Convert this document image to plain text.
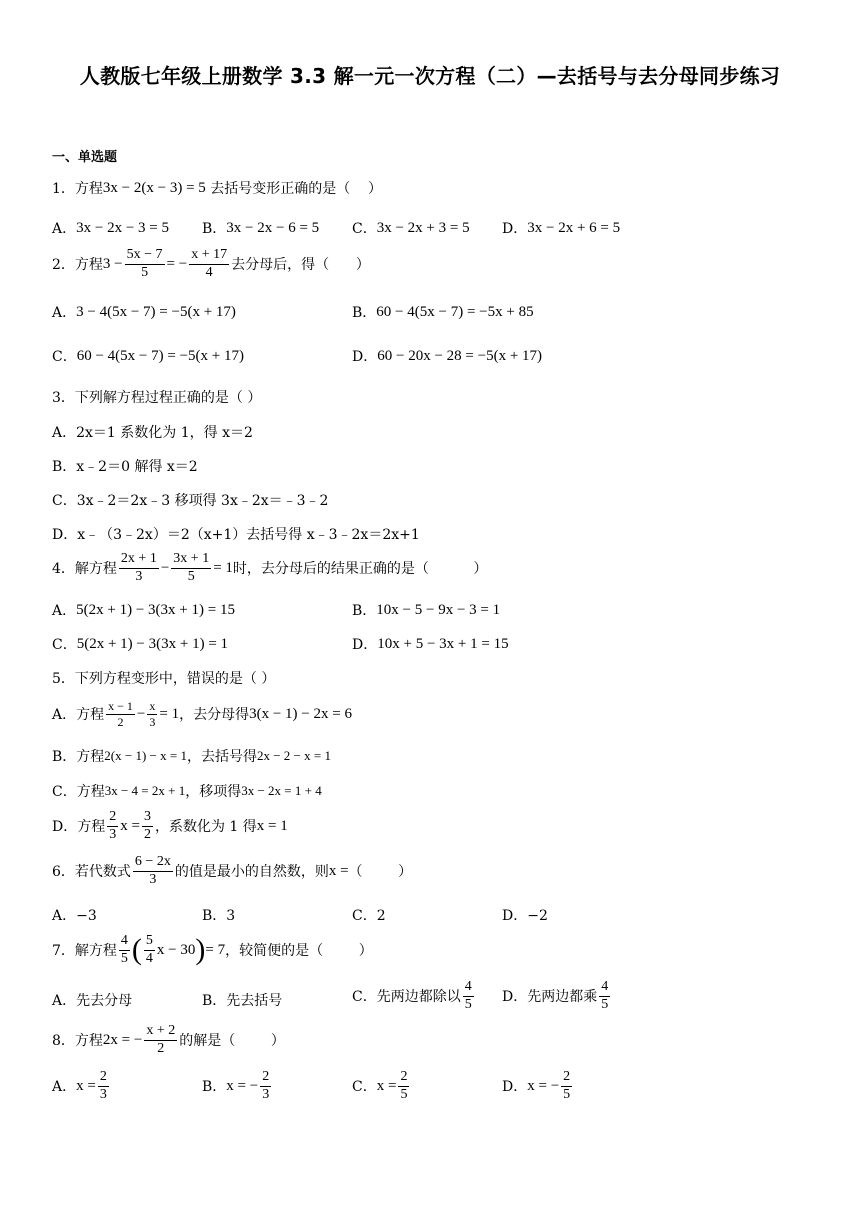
人教版七年级上册数学 3.3 解一元一次方程（二）—去括号与去分母同步练习
一、单选题
1． 方程 3x − 2(x − 3) = 5 去括号变形正确的是（    ）
A． 3x − 2x − 3 = 5 B． 3x − 2x − 6 = 5 C． 3x − 2x + 3 = 5 D． 3x − 2x + 6 = 5
2． 方程 $3 - \frac{5x - 7}{5}$ = − $\frac{x + 17}{4}$ 去分母后，得（      ）
A． 3 − 4(5x − 7) = −5(x + 17)	B． 60 − 4(5x − 7) = −5x + 85
C． 60 − 4(5x − 7) = −5(x + 17)	D． 60 − 20x − 28 = −5(x + 17)
3．下列解方程过程正确的是（ ）
A．2x＝1 系数化为 1，得 x＝2
B．x﹣2＝0 解得 x＝2
C．3x﹣2＝2x﹣3 移项得 3x﹣2x＝﹣3﹣2
D．x﹣（3﹣2x）＝2（x+1）去括号得 x﹣3﹣2x＝2x+1
4． 解方程 $\frac{2x + 1}{3} - \frac{3x + 1}{5} = 1$ 时，去分母后的结果正确的是（          ）
A． 5(2x + 1) − 3(3x + 1) = 15	B． 10x − 5 − 9x − 3 = 1
C． 5(2x + 1) − 3(3x + 1) = 1	D． 10x + 5 − 3x + 1 = 15
5．下列方程变形中，错误的是（ ）
A．方程 $\frac{x - 1}{2} - \frac{x}{3} = 1$ ，去分母得 3(x − 1) − 2x = 6
B．方程 2(x − 1) − x = 1 ，去括号得 2x − 2 − x = 1
C．方程 3x − 4 = 2x + 1 ，移项得 3x − 2x = 1 + 4
D．方程 $\frac{2}{3}$ $x = \frac{3}{2}$ ，系数化为 1 得 x = 1
6．若代数式 $\frac{6 - 2x}{3}$ 的值是最小的自然数，则 x = （        ）
A．−3	B．3	C．2	D．−2
7．解方程 $\frac{4}{5}$ ( $\frac{5}{4}$ x − 30 ) = 7 ，较简便的是（        ）
A．先去分母	B．先去括号	C．先两边都除以 $\frac{4}{5}$ D．先两边都乘 $\frac{4}{5}$
8．方程 2x = − $\frac{x + 2}{2}$ 的解是（        ）
A． $x = \frac{2}{3}$	B． x = − $\frac{2}{3}$	C． $x = \frac{2}{5}$	D． x = − $\frac{2}{5}$
